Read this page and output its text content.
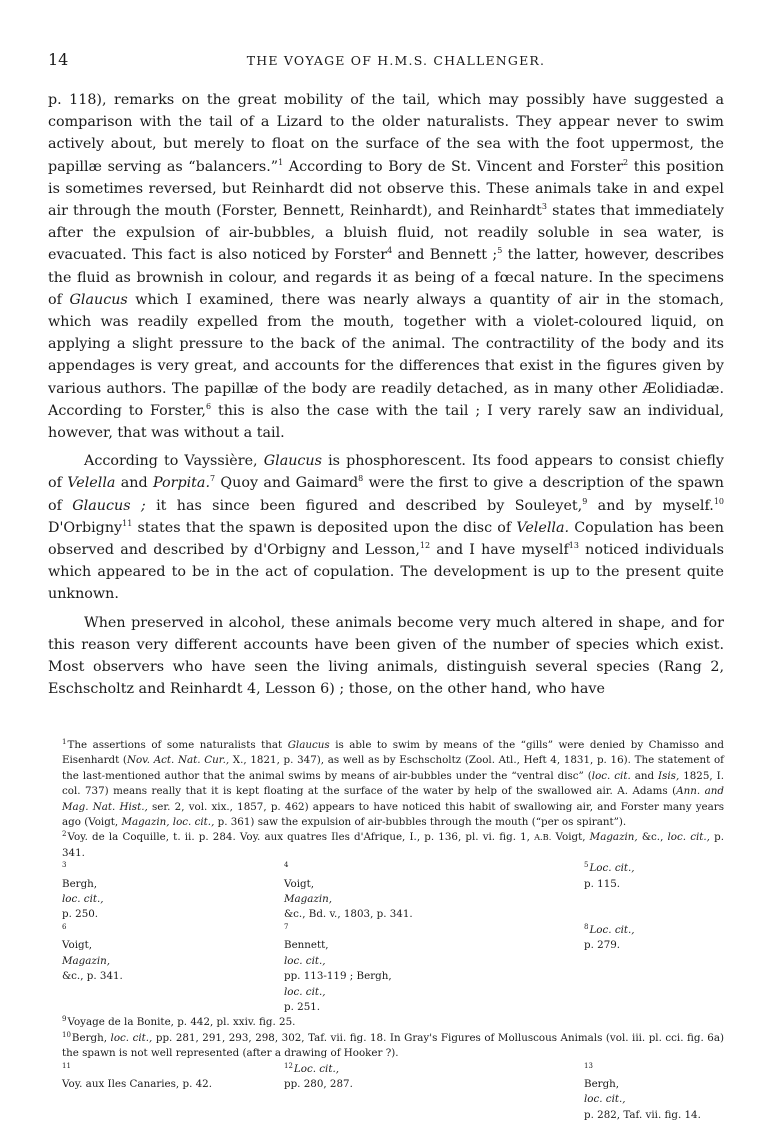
14	THE VOYAGE OF H.M.S. CHALLENGER.

p. 118), remarks on the great mobility of the tail, which may possibly have suggested a comparison with the tail of a Lizard to the older naturalists. They appear never to swim actively about, but merely to float on the surface of the sea with the foot uppermost, the papillæ serving as “balancers.”$^1$ According to Bory de St. Vincent and Forster$^2$ this position is sometimes reversed, but Reinhardt did not observe this. These animals take in and expel air through the mouth (Forster, Bennett, Reinhardt), and Reinhardt$^3$ states that immediately after the expulsion of air-bubbles, a bluish fluid, not readily soluble in sea water, is evacuated. This fact is also noticed by Forster$^4$ and Bennett ;$^5$ the latter, however, describes the fluid as brownish in colour, and regards it as being of a fœcal nature. In the specimens of Glaucus which I examined, there was nearly always a quantity of air in the stomach, which was readily expelled from the mouth, together with a violet-coloured liquid, on applying a slight pressure to the back of the animal. The contractility of the body and its appendages is very great, and accounts for the differences that exist in the figures given by various authors. The papillæ of the body are readily detached, as in many other Æolidiadæ. According to Forster,$^6$ this is also the case with the tail ; I very rarely saw an individual, however, that was without a tail.

According to Vayssière, Glaucus is phosphorescent. Its food appears to consist chiefly of Velella and Porpita.$^7$ Quoy and Gaimard$^8$ were the first to give a description of the spawn of Glaucus ; it has since been figured and described by Souleyet,$^9$ and by myself.$^{10}$ D'Orbigny$^{11}$ states that the spawn is deposited upon the disc of Velella. Copulation has been observed and described by d'Orbigny and Lesson,$^{12}$ and I have myself$^{13}$ noticed individuals which appeared to be in the act of copulation. The development is up to the present quite unknown.

When preserved in alcohol, these animals become very much altered in shape, and for this reason very different accounts have been given of the number of species which exist. Most observers who have seen the living animals, distinguish several species (Rang 2, Eschscholtz and Reinhardt 4, Lesson 6) ; those, on the other hand, who have

$^1$The assertions of some naturalists that Glaucus is able to swim by means of the “gills” were denied by Chamisso and Eisenhardt (Nov. Act. Nat. Cur., X., 1821, p. 347), as well as by Eschscholtz (Zool. Atl., Heft 4, 1831, p. 16). The statement of the last-mentioned author that the animal swims by means of air-bubbles under the “ventral disc” (loc. cit. and Isis, 1825, I. col. 737) means really that it is kept floating at the surface of the water by help of the swallowed air. A. Adams (Ann. and Mag. Nat. Hist., ser. 2, vol. xix., 1857, p. 462) appears to have noticed this habit of swallowing air, and Forster many years ago (Voigt, Magazin, loc. cit., p. 361) saw the expulsion of air-bubbles through the mouth (“per os spirant”).

$^2$Voy. de la Coquille, t. ii. p. 284. Voy. aux quatres Iles d'Afrique, I., p. 136, pl. vi. fig. 1, A.B. Voigt, Magazin, &c., loc. cit., p. 341.

$^3$
Bergh,
loc. cit.,
p. 250.
$^4$
Voigt,
Magazin,
&c., Bd. v., 1803, p. 341.
$^5$Loc. cit.,
p. 115.
$^6$
Voigt,
Magazin,
&c., p. 341.
$^7$
Bennett,
loc. cit.,
pp. 113-119 ; Bergh,
loc. cit.,
p. 251.
$^8$Loc. cit.,
p. 279.

$^9$Voyage de la Bonite, p. 442, pl. xxiv. fig. 25.

$^{10}$Bergh, loc. cit., pp. 281, 291, 293, 298, 302, Taf. vii. fig. 18. In Gray's Figures of Molluscous Animals (vol. iii. pl. cci. fig. 6a) the spawn is not well represented (after a drawing of Hooker ?).

$^{11}$
Voy. aux Iles Canaries, p. 42.
$^{12}$Loc. cit.,
pp. 280, 287.
$^{13}$
Bergh,
loc. cit.,
p. 282, Taf. vii. fig. 14.
